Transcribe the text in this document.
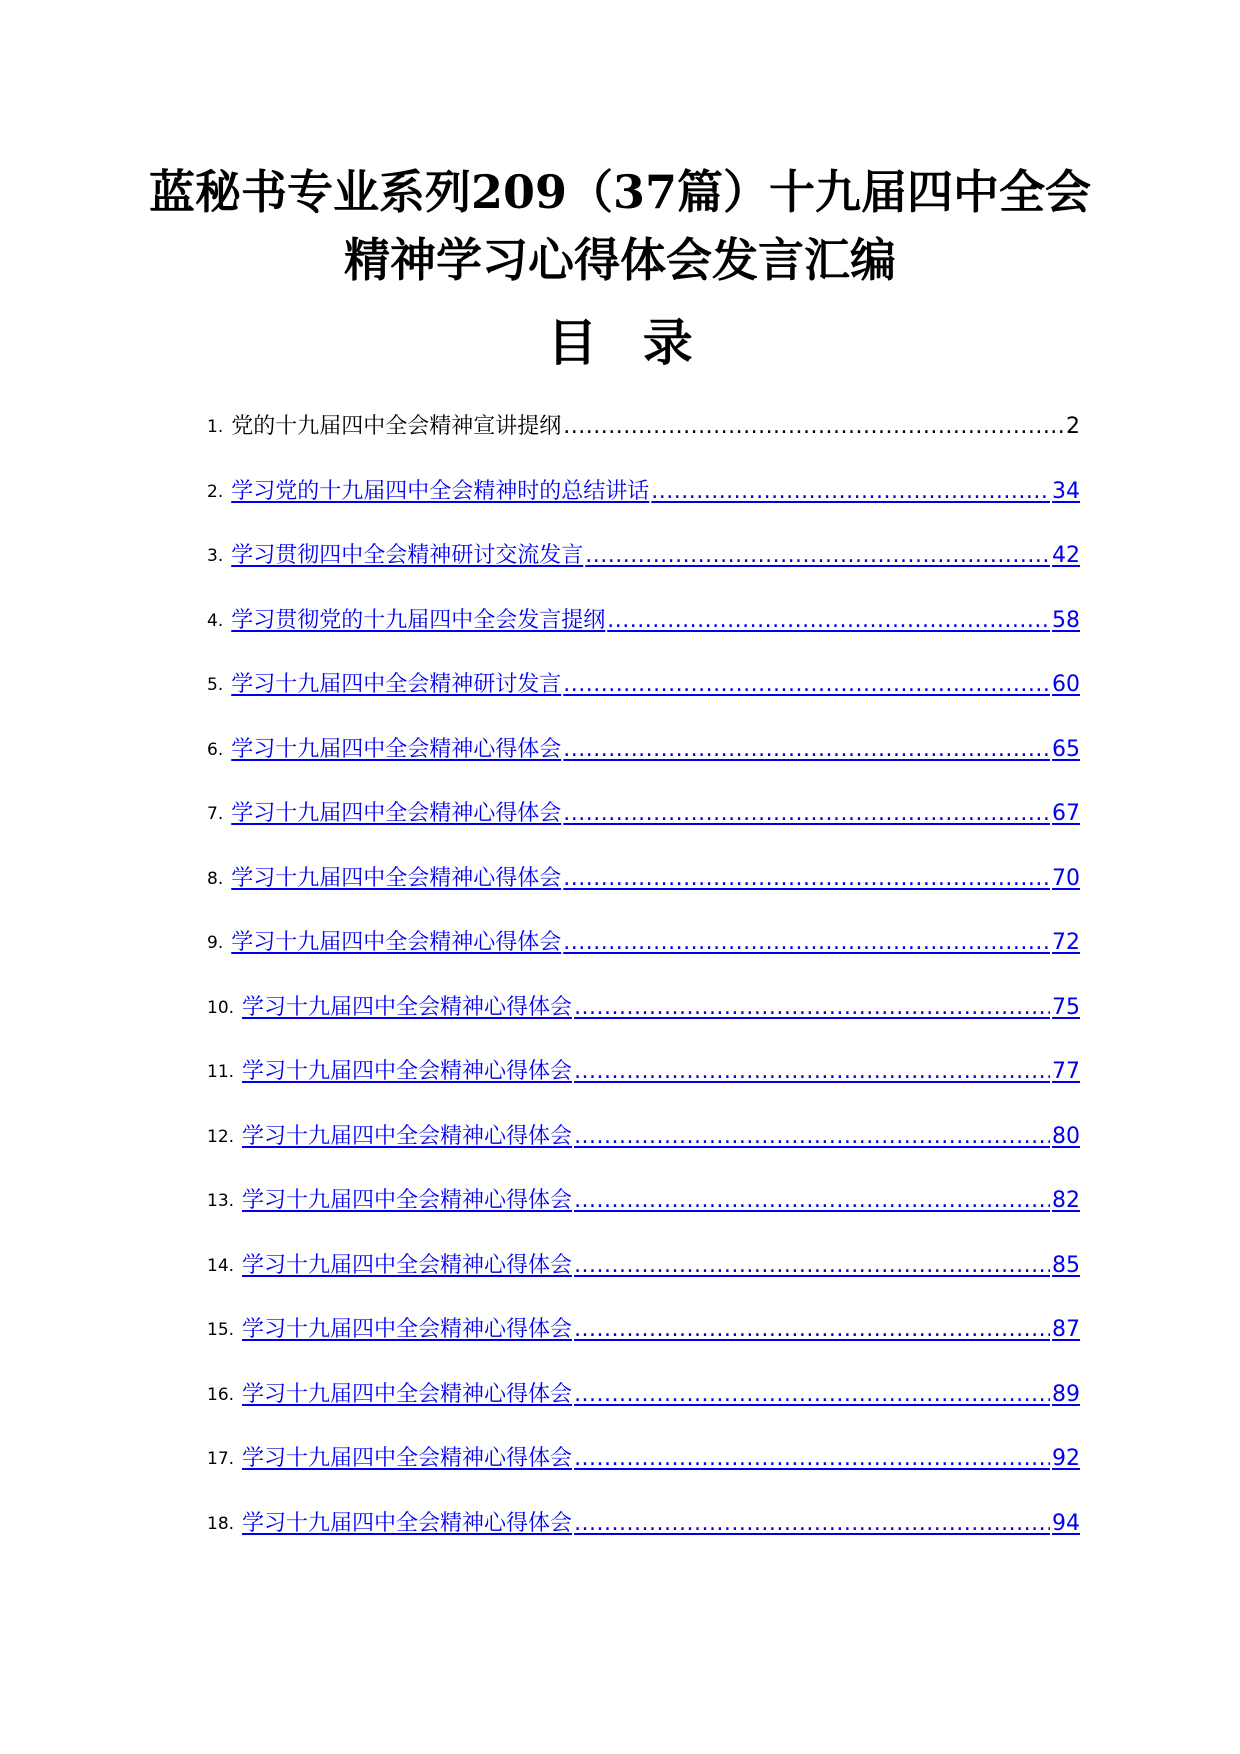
蓝秘书专业系列209（37篇）十九届四中全会
精神学习心得体会发言汇编
目 录
1. 党的十九届四中全会精神宣讲提纲 .....	2
2. 学习党的十九届四中全会精神时的总结讲话 .....	34
3. 学习贯彻四中全会精神研讨交流发言 .....	42
4. 学习贯彻党的十九届四中全会发言提纲 .....	58
5. 学习十九届四中全会精神研讨发言 .....	60
6. 学习十九届四中全会精神心得体会 .....	65
7. 学习十九届四中全会精神心得体会 .....	67
8. 学习十九届四中全会精神心得体会 .....	70
9. 学习十九届四中全会精神心得体会 .....	72
10. 学习十九届四中全会精神心得体会 .....	75
11. 学习十九届四中全会精神心得体会 .....	77
12. 学习十九届四中全会精神心得体会 .....	80
13. 学习十九届四中全会精神心得体会 .....	82
14. 学习十九届四中全会精神心得体会 .....	85
15. 学习十九届四中全会精神心得体会 .....	87
16. 学习十九届四中全会精神心得体会 .....	89
17. 学习十九届四中全会精神心得体会 .....	92
18. 学习十九届四中全会精神心得体会 .....	94
